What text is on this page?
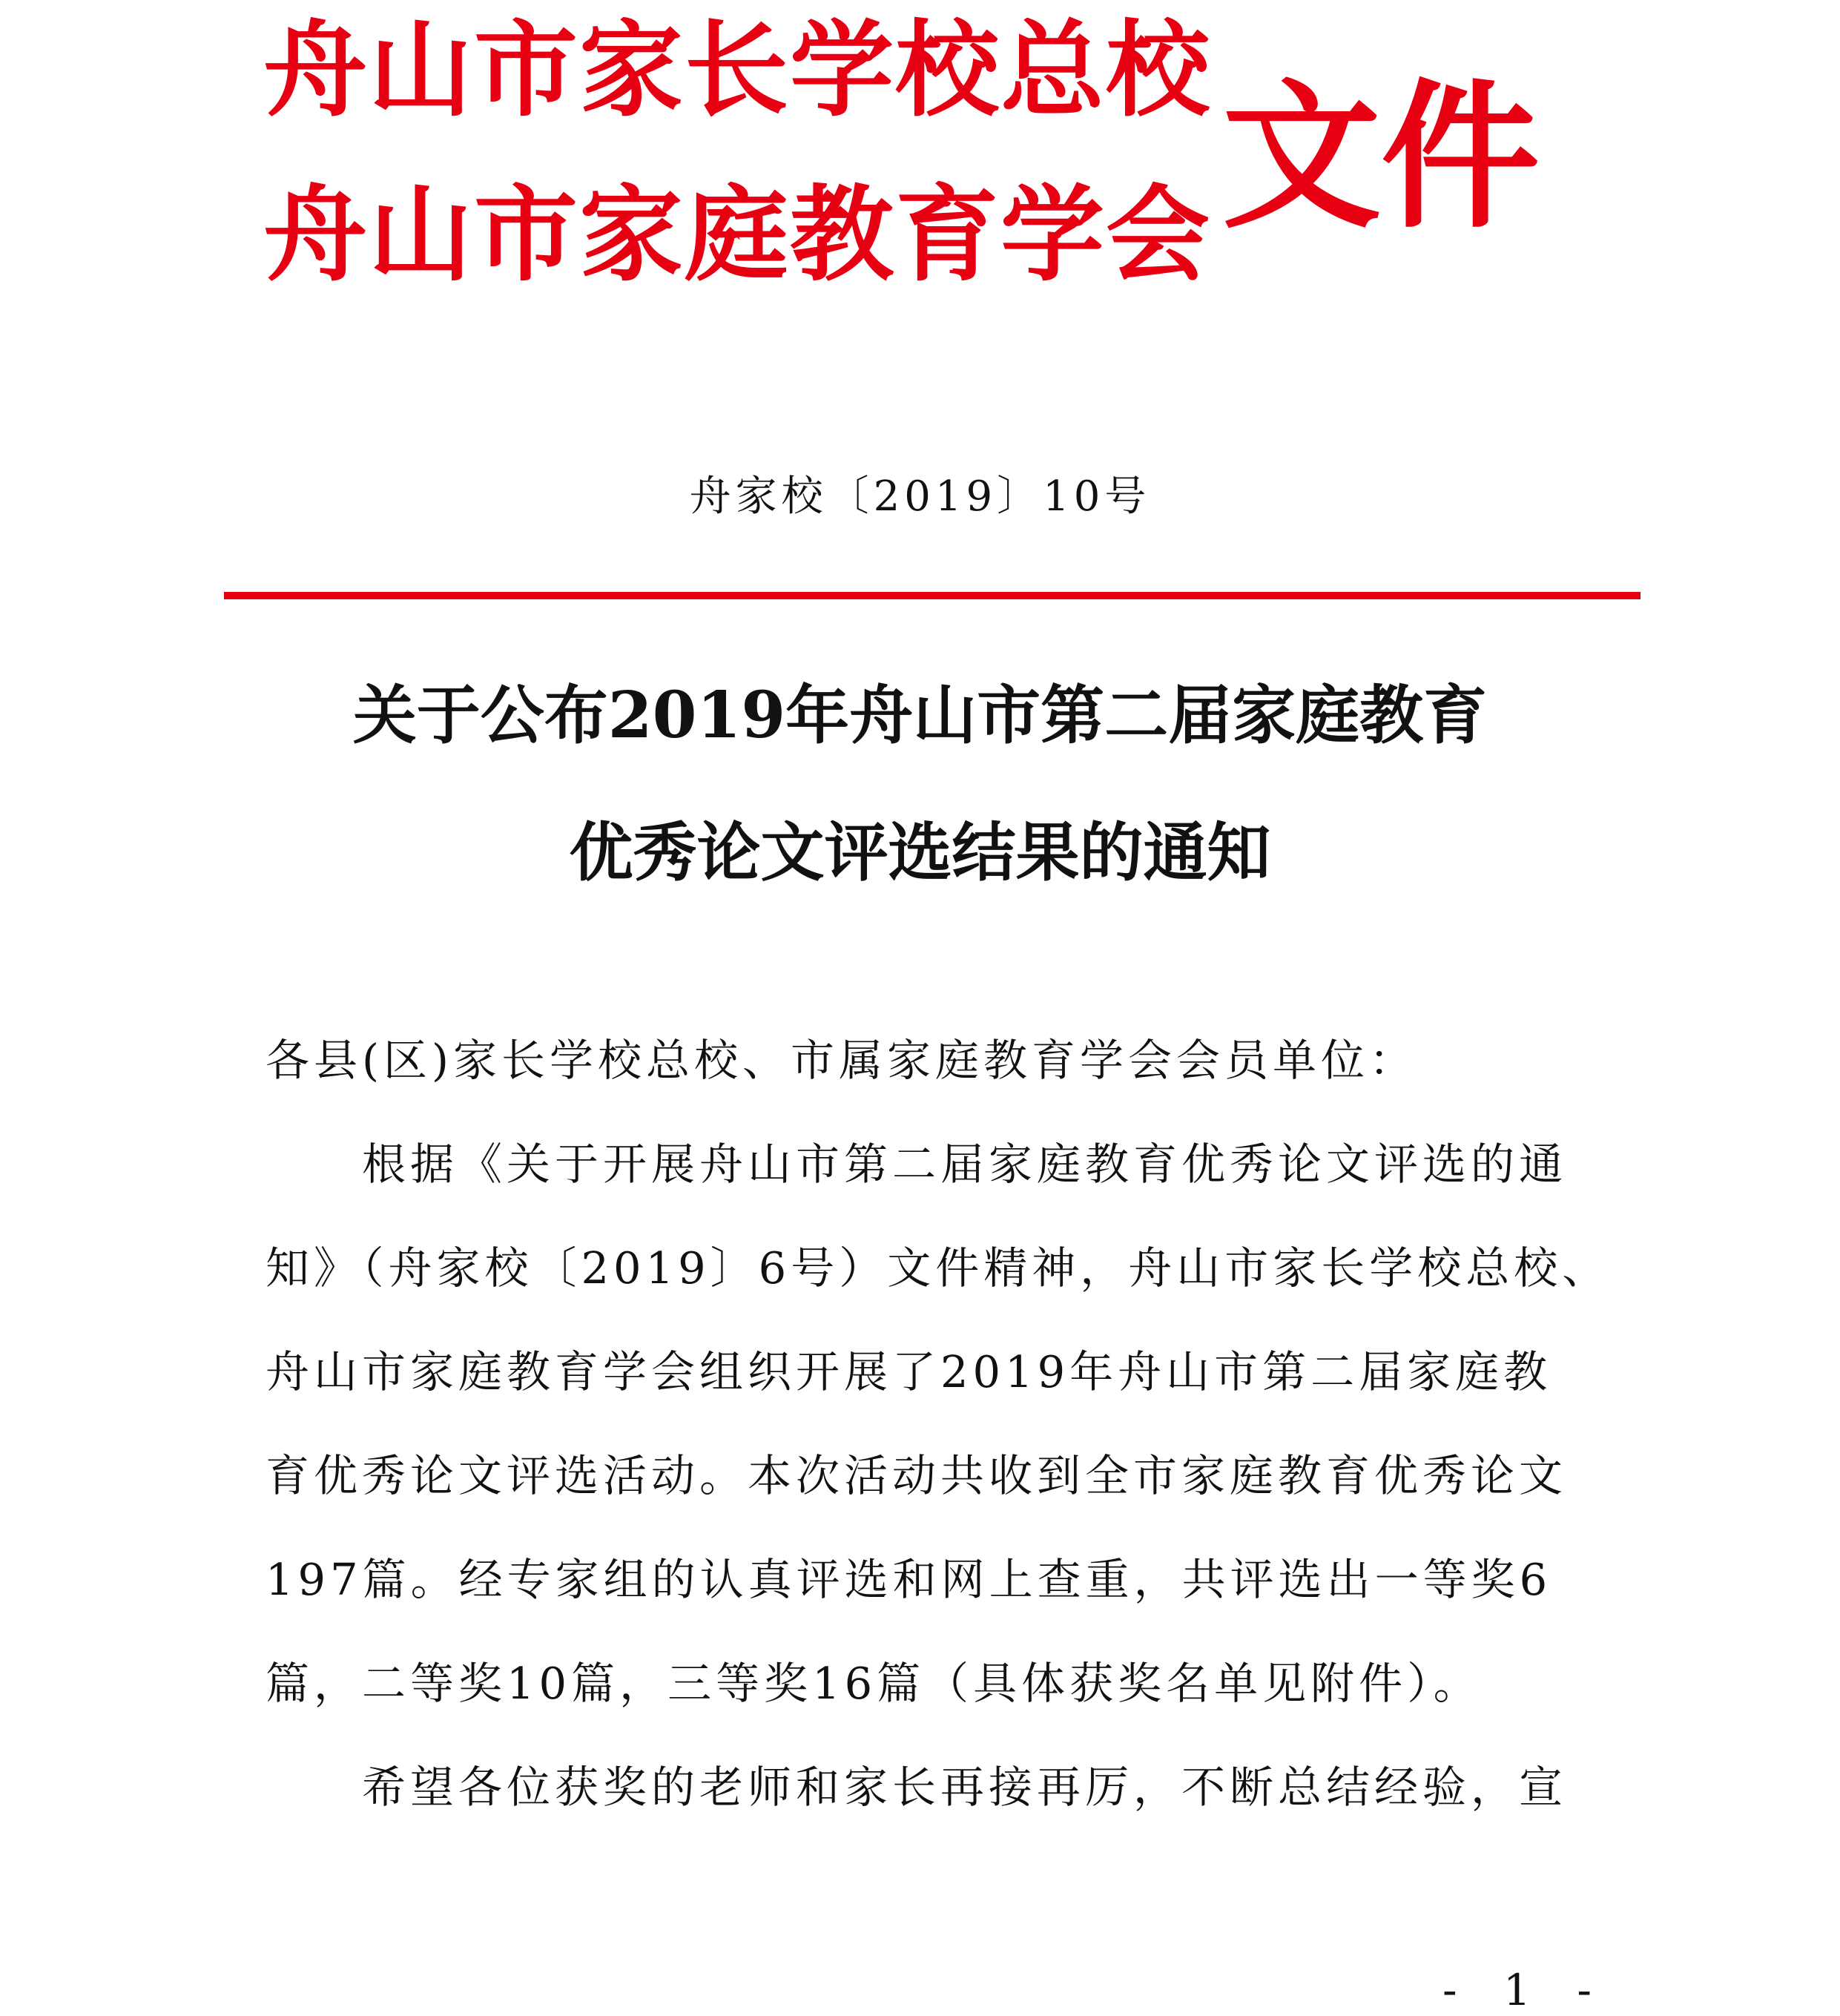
舟山市家长学校总校

舟山市家庭教育学会 文件

舟家校〔2019〕10号

关于公布2019年舟山市第二届家庭教育

优秀论文评选结果的通知

各县(区)家长学校总校、市属家庭教育学会会员单位：

　　根据《关于开展舟山市第二届家庭教育优秀论文评选的通

知》（舟家校〔2019〕6号）文件精神，舟山市家长学校总校、

舟山市家庭教育学会组织开展了2019年舟山市第二届家庭教

育优秀论文评选活动。本次活动共收到全市家庭教育优秀论文

197篇。经专家组的认真评选和网上查重，共评选出一等奖6

篇，二等奖10篇，三等奖16篇（具体获奖名单见附件）。

　　希望各位获奖的老师和家长再接再厉，不断总结经验，宣

- 1 -
